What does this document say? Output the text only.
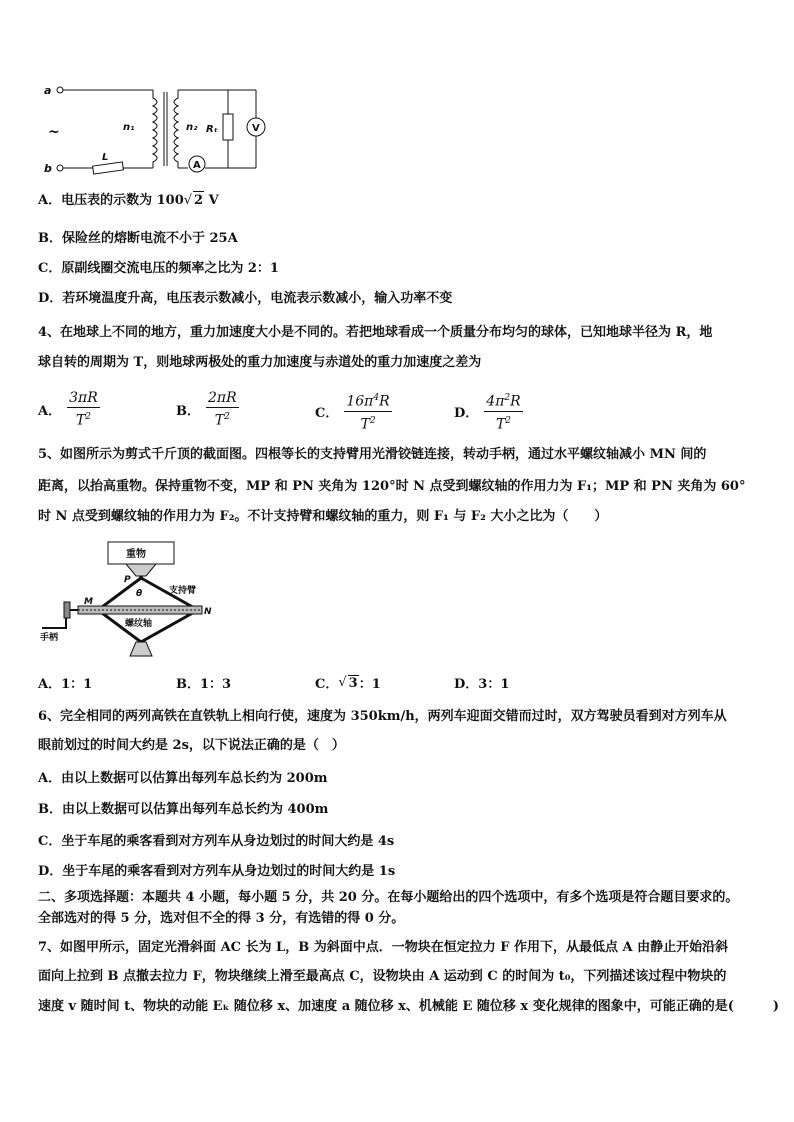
a
~
b
L
n₁	n₂
A
Rₜ	V
A．电压表的示数为 100√ 2 V
B．保险丝的熔断电流不小于 25A
C．原副线圈交流电压的频率之比为 2：1
D．若环境温度升高，电压表示数减小，电流表示数减小，输入功率不变
4、在地球上不同的地方，重力加速度大小是不同的。若把地球看成一个质量分布均匀的球体，已知地球半径为 R，地
球自转的周期为 T，则地球两极处的重力加速度与赤道处的重力加速度之差为
A． $\frac{3\pi R}{T^2}$	B． $\frac{2\pi R}{T^2}$	C． $\frac{16\pi^4R}{T^2}$	D． $\frac{4\pi^2R}{T^2}$
5、如图所示为剪式千斤顶的截面图。四根等长的支持臂用光滑铰链连接，转动手柄，通过水平螺纹轴减小 MN 间的
距离，以抬高重物。保持重物不变，MP 和 PN 夹角为 120°时 N 点受到螺纹轴的作用力为 F₁；MP 和 PN 夹角为 60°
时 N 点受到螺纹轴的作用力为 F₂。不计支持臂和螺纹轴的重力，则 F₁ 与 F₂ 大小之比为（　　）
重物
P
θ	支持臂
M
N
螺纹轴
手柄
A．1：1	B．1：3	C． √ 3 ：1	D．3：1
6、完全相同的两列高铁在直铁轨上相向行使，速度为 350km/h，两列车迎面交错而过时，双方驾驶员看到对方列车从
眼前划过的时间大约是 2s，以下说法正确的是（　）
A．由以上数据可以估算出每列车总长约为 200m
B．由以上数据可以估算出每列车总长约为 400m
C．坐于车尾的乘客看到对方列车从身边划过的时间大约是 4s
D．坐于车尾的乘客看到对方列车从身边划过的时间大约是 1s
二、多项选择题：本题共 4 小题，每小题 5 分，共 20 分。在每小题给出的四个选项中，有多个选项是符合题目要求的。
全部选对的得 5 分，选对但不全的得 3 分，有选错的得 0 分。
7、如图甲所示，固定光滑斜面 AC 长为 L，B 为斜面中点．一物块在恒定拉力 F 作用下，从最低点 A 由静止开始沿斜
面向上拉到 B 点撤去拉力 F，物块继续上滑至最高点 C，设物块由 A 运动到 C 的时间为 t₀，下列描述该过程中物块的
速度 v 随时间 t、物块的动能 Eₖ 随位移 x、加速度 a 随位移 x、机械能 E 随位移 x 变化规律的图象中，可能正确的是(　　　)
